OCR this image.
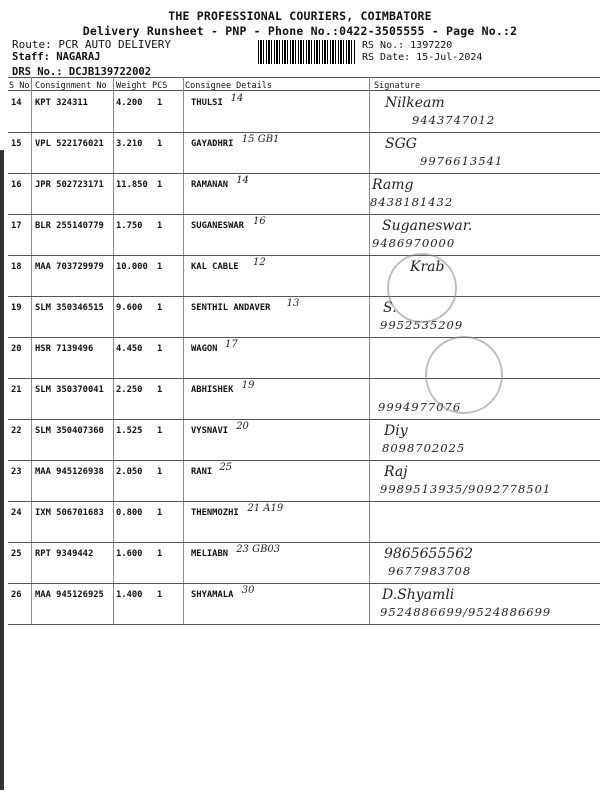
THE PROFESSIONAL COURIERS, COIMBATORE
Delivery Runsheet - PNP - Phone No.:0422-3505555 - Page No.:2
Route: PCR AUTO DELIVERY
Staff: NAGARAJ
DRS No.: DCJB139722002
RS No.: 1397220
RS Date: 15-Jul-2024
S No Consignment No Weight PCS Consignee Details	Signature
14 KPT 324311	4.200 1	THULSI 14	Nilkeam
9443747012
15 VPL 522176021 3.210 1	GAYADHRI 15 GB1	SGG
9976613541
16 JPR 502723171 11.850 1	RAMANAN 14	Ramg
8438181432
17 BLR 255140779 1.750 1	SUGANESWAR 16	Suganeswar.
9486970000
18 MAA 703729979 10.000 1	KAL CABLE 12	Krab
19 SLM 350346515 9.600 1	SENTHIL ANDAVER 13	S.
9952535209
20 HSR 7139496	4.450 1	WAGON 17
21 SLM 350370041 2.250 1	ABHISHEK 19
9994977076
22 SLM 350407360 1.525 1	VYSNAVI 20	Diy
8098702025
23 MAA 945126938 2.050 1	RANI 25	Raj
9989513935/9092778501
24 IXM 506701683 0.800 1	THENMOZHI 21 A19
25 RPT 9349442	1.600 1	MELIABN 23 GB03	9865655562
9677983708
26 MAA 945126925 1.400 1	SHYAMALA 30	D.Shyamli
9524886699/9524886699
